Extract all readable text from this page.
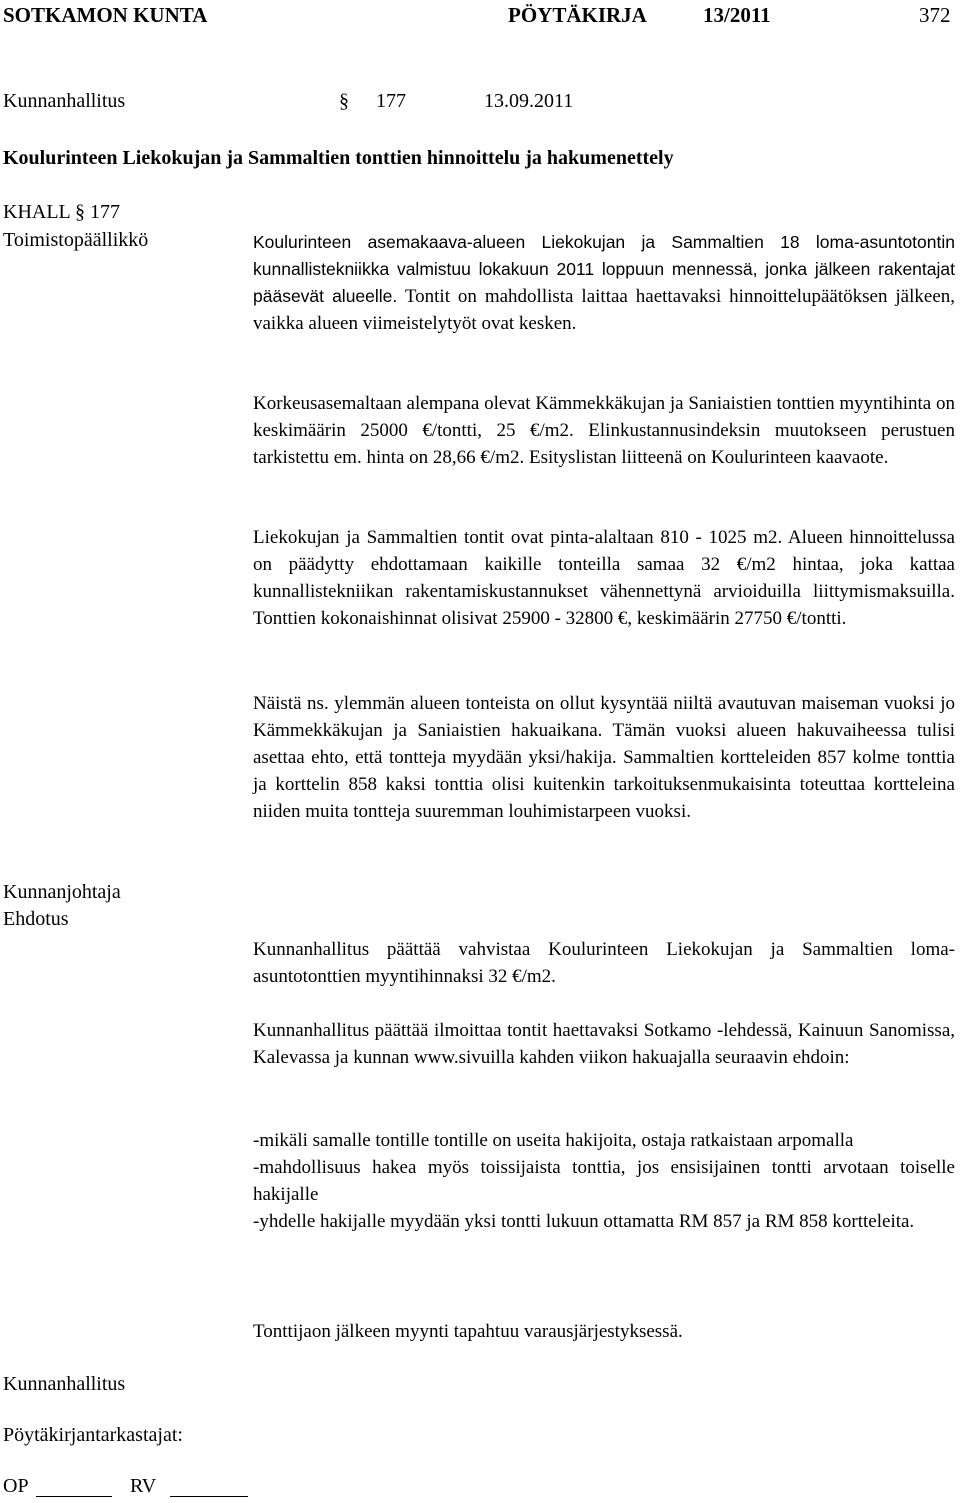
SOTKAMON KUNTA	PÖYTÄKIRJA	13/2011	372
Kunnanhallitus	§ 177	13.09.2011
Koulurinteen Liekokujan ja Sammaltien tonttien hinnoittelu ja hakumenettely
KHALL § 177
Toimistopäällikkö
Kunnanjohtaja
Ehdotus
Kunnanhallitus
Pöytäkirjantarkastajat:
OP	RV
Koulurinteen asemakaava-alueen Liekokujan ja Sammaltien 18 loma-asuntotontin kunnallistekniikka valmistuu lokakuun 2011 loppuun mennessä, jonka jälkeen rakentajat pääsevät alueelle. Tontit on mahdollista laittaa haettavaksi hinnoittelupäätöksen jälkeen, vaikka alueen viimeistelytyöt ovat kesken.
Korkeusasemaltaan alempana olevat Kämmekkäkujan ja Saniaistien tonttien myyntihinta on keskimäärin 25000 €/tontti, 25 €/m2. Elinkustannusindeksin muutokseen perustuen tarkistettu em. hinta on 28,66 €/m2. Esityslistan liitteenä on Koulurinteen kaavaote.
Liekokujan ja Sammaltien tontit ovat pinta-alaltaan 810 - 1025 m2. Alueen hinnoittelussa on päädytty ehdottamaan kaikille tonteilla samaa 32 €/m2 hintaa, joka kattaa kunnallistekniikan rakentamiskustannukset vähennettynä arvioiduilla liittymismaksuilla. Tonttien kokonaishinnat olisivat 25900 - 32800 €, keskimäärin 27750 €/tontti.
Näistä ns. ylemmän alueen tonteista on ollut kysyntää niiltä avautuvan maiseman vuoksi jo Kämmekkäkujan ja Saniaistien hakuaikana. Tämän vuoksi alueen hakuvaiheessa tulisi asettaa ehto, että tontteja myydään yksi/hakija. Sammaltien kortteleiden 857 kolme tonttia ja korttelin 858 kaksi tonttia olisi kuitenkin tarkoituksenmukaisinta toteuttaa kortteleina niiden muita tontteja suuremman louhimistarpeen vuoksi.
Kunnanhallitus päättää vahvistaa Koulurinteen Liekokujan ja Sammaltien loma-asuntotonttien myyntihinnaksi 32 €/m2.
Kunnanhallitus päättää ilmoittaa tontit haettavaksi Sotkamo -lehdessä, Kainuun Sanomissa, Kalevassa ja kunnan www.sivuilla kahden viikon hakuajalla seuraavin ehdoin:
-mikäli samalle tontille tontille on useita hakijoita, ostaja ratkaistaan arpomalla
-mahdollisuus hakea myös toissijaista tonttia, jos ensisijainen tontti arvotaan toiselle hakijalle
-yhdelle hakijalle myydään yksi tontti lukuun ottamatta RM 857 ja RM 858 kortteleita.
Tonttijaon jälkeen myynti tapahtuu varausjärjestyksessä.
